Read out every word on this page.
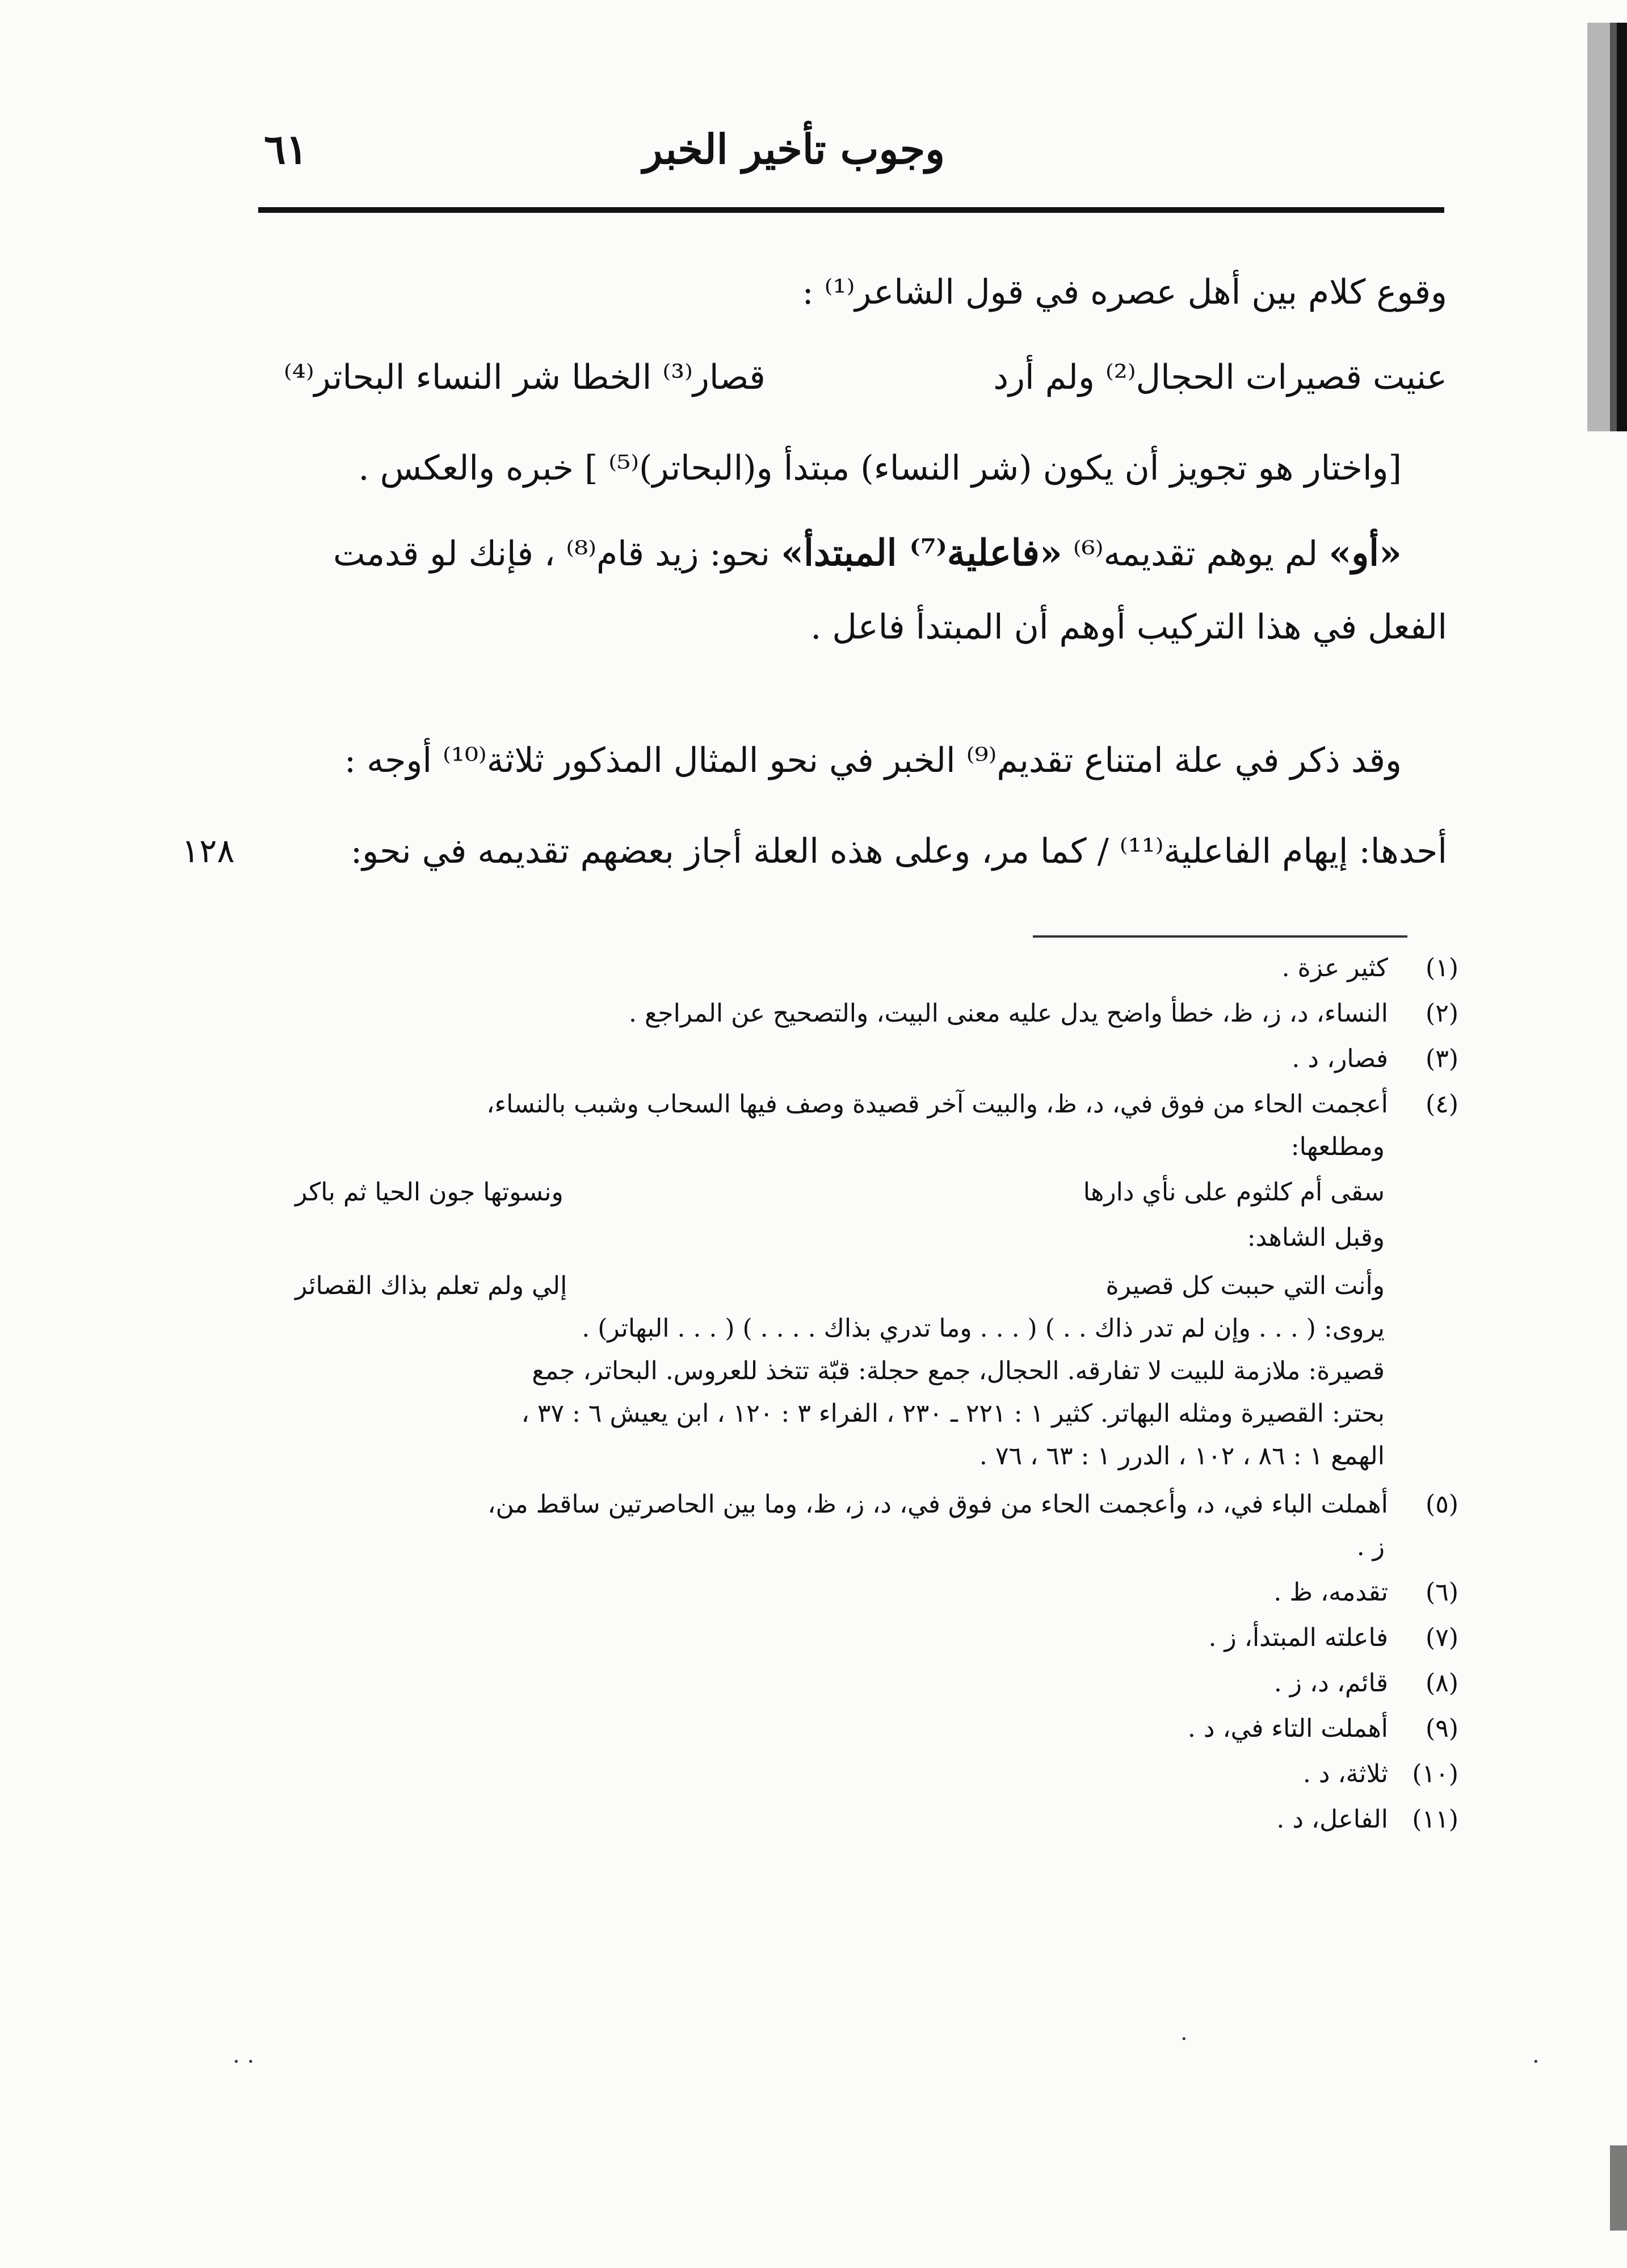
٦١	وجوب تأخير الخبر
وقوع كلام بين أهل عصره في قول الشاعر⁽¹⁾ :
عنيت قصيرات الحجال⁽²⁾ ولم أرد
قصار⁽³⁾ الخطا شر النساء البحاتر⁽⁴⁾
[واختار هو تجويز أن يكون (شر النساء) مبتدأ و(البحاتر)⁽⁵⁾ ] خبره والعكس .
«أو» لم يوهم تقديمه⁽⁶⁾ «فاعلية⁽⁷⁾ المبتدأ» نحو: زيد قام⁽⁸⁾ ، فإنك لو قدمت
الفعل في هذا التركيب أوهم أن المبتدأ فاعل .
وقد ذكر في علة امتناع تقديم⁽⁹⁾ الخبر في نحو المثال المذكور ثلاثة⁽¹⁰⁾ أوجه :
أحدها: إيهام الفاعلية⁽¹¹⁾ / كما مر، وعلى هذه العلة أجاز بعضهم تقديمه في نحو:
١٢٨
(١) كثير عزة .
(٢) النساء، د، ز، ظ، خطأ واضح يدل عليه معنى البيت، والتصحيح عن المراجع .
(٣) فصار، د .
(٤) أعجمت الحاء من فوق في، د، ظ، والبيت آخر قصيدة وصف فيها السحاب وشبب بالنساء،
ومطلعها:
سقى أم كلثوم على نأي دارها
ونسوتها جون الحيا ثم باكر
وقبل الشاهد:
وأنت التي حببت كل قصيرة
إلي ولم تعلم بذاك القصائر
يروى: ( . . . وإن لم تدر ذاك . . ) ( . . . وما تدري بذاك . . . . ) ( . . . البهاتر) .
قصيرة: ملازمة للبيت لا تفارقه. الحجال، جمع حجلة: قبّة تتخذ للعروس. البحاتر، جمع
بحتر: القصيرة ومثله البهاتر. كثير ١ : ٢٢١ ـ ٢٣٠ ، الفراء ٣ : ١٢٠ ، ابن يعيش ٦ : ٣٧ ،
الهمع ١ : ٨٦ ، ١٠٢ ، الدرر ١ : ٦٣ ، ٧٦ .
(٥) أهملت الباء في، د، وأعجمت الحاء من فوق في، د، ز، ظ، وما بين الحاصرتين ساقط من،
ز .
(٦) تقدمه، ظ .
(٧) فاعلته المبتدأ، ز .
(٨) قائم، د، ز .
(٩) أهملت التاء في، د .
(١٠) ثلاثة، د .
(١١) الفاعل، د .
· ·
·
·
